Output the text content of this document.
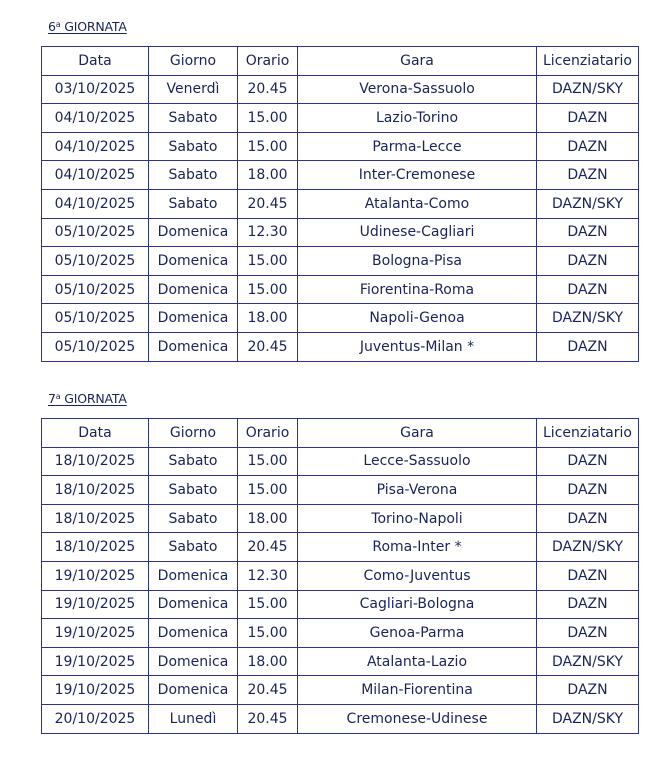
6$^a$ GIORNATA
Data	Giorno	Orario	Gara	Licenziatario
03/10/2025	Venerdì	20.45	Verona-Sassuolo	DAZN/SKY
04/10/2025	Sabato	15.00	Lazio-Torino	DAZN
04/10/2025	Sabato	15.00	Parma-Lecce	DAZN
04/10/2025	Sabato	18.00	Inter-Cremonese	DAZN
04/10/2025	Sabato	20.45	Atalanta-Como	DAZN/SKY
05/10/2025	Domenica	12.30	Udinese-Cagliari	DAZN
05/10/2025	Domenica	15.00	Bologna-Pisa	DAZN
05/10/2025	Domenica	15.00	Fiorentina-Roma	DAZN
05/10/2025	Domenica	18.00	Napoli-Genoa	DAZN/SKY
05/10/2025	Domenica	20.45	Juventus-Milan *	DAZN
7$^a$ GIORNATA
Data	Giorno	Orario	Gara	Licenziatario
18/10/2025	Sabato	15.00	Lecce-Sassuolo	DAZN
18/10/2025	Sabato	15.00	Pisa-Verona	DAZN
18/10/2025	Sabato	18.00	Torino-Napoli	DAZN
18/10/2025	Sabato	20.45	Roma-Inter *	DAZN/SKY
19/10/2025	Domenica	12.30	Como-Juventus	DAZN
19/10/2025	Domenica	15.00	Cagliari-Bologna	DAZN
19/10/2025	Domenica	15.00	Genoa-Parma	DAZN
19/10/2025	Domenica	18.00	Atalanta-Lazio	DAZN/SKY
19/10/2025	Domenica	20.45	Milan-Fiorentina	DAZN
20/10/2025	Lunedì	20.45	Cremonese-Udinese	DAZN/SKY
